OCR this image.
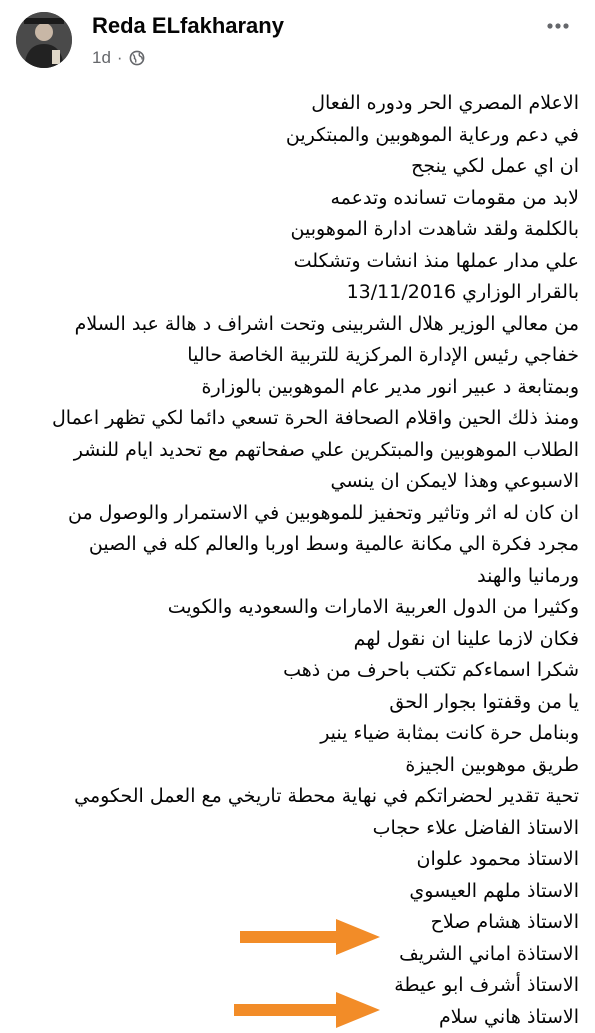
Reda ELfakharany
1d ·
الاعلام المصري الحر ودوره الفعال
في دعم ورعاية الموهوبين والمبتكرين
ان اي عمل لكي ينجح
لابد من مقومات تسانده وتدعمه
بالكلمة ولقد شاهدت ادارة الموهوبين
علي مدار عملها منذ انشات وتشكلت
بالقرار الوزاري 13/11/2016
من معالي الوزير هلال الشربينى وتحت اشراف د هالة عبد السلام
خفاجي رئيس الإدارة المركزية للتربية الخاصة حاليا
وبمتابعة د عبير انور مدير عام الموهوبين بالوزارة
ومنذ ذلك الحين واقلام الصحافة الحرة تسعي دائما لكي تظهر اعمال
الطلاب الموهوبين والمبتكرين علي صفحاتهم مع تحديد ايام للنشر
الاسبوعي وهذا لايمكن ان ينسي
ان كان له اثر وتاثير وتحفيز للموهوبين في الاستمرار والوصول من
مجرد فكرة الي مكانة عالمية وسط اوربا والعالم كله في الصين
ورمانيا والهند
وكثيرا من الدول العربية الامارات والسعوديه والكويت
فكان لازما علينا ان نقول لهم
شكرا اسماءكم تكتب باحرف من ذهب
يا من وقفتوا بجوار الحق
وبنامل حرة كانت بمثابة ضياء ينير
طريق موهوبين الجيزة
تحية تقدير لحضراتكم في نهاية محطة تاريخي مع العمل الحكومي
الاستاذ الفاضل علاء حجاب
الاستاذ محمود علوان
الاستاذ ملهم العيسوي
الاستاذ هشام صلاح
الاستاذة اماني الشريف
الاستاذ أشرف ابو عيطة
الاستاذ هاني سلام
